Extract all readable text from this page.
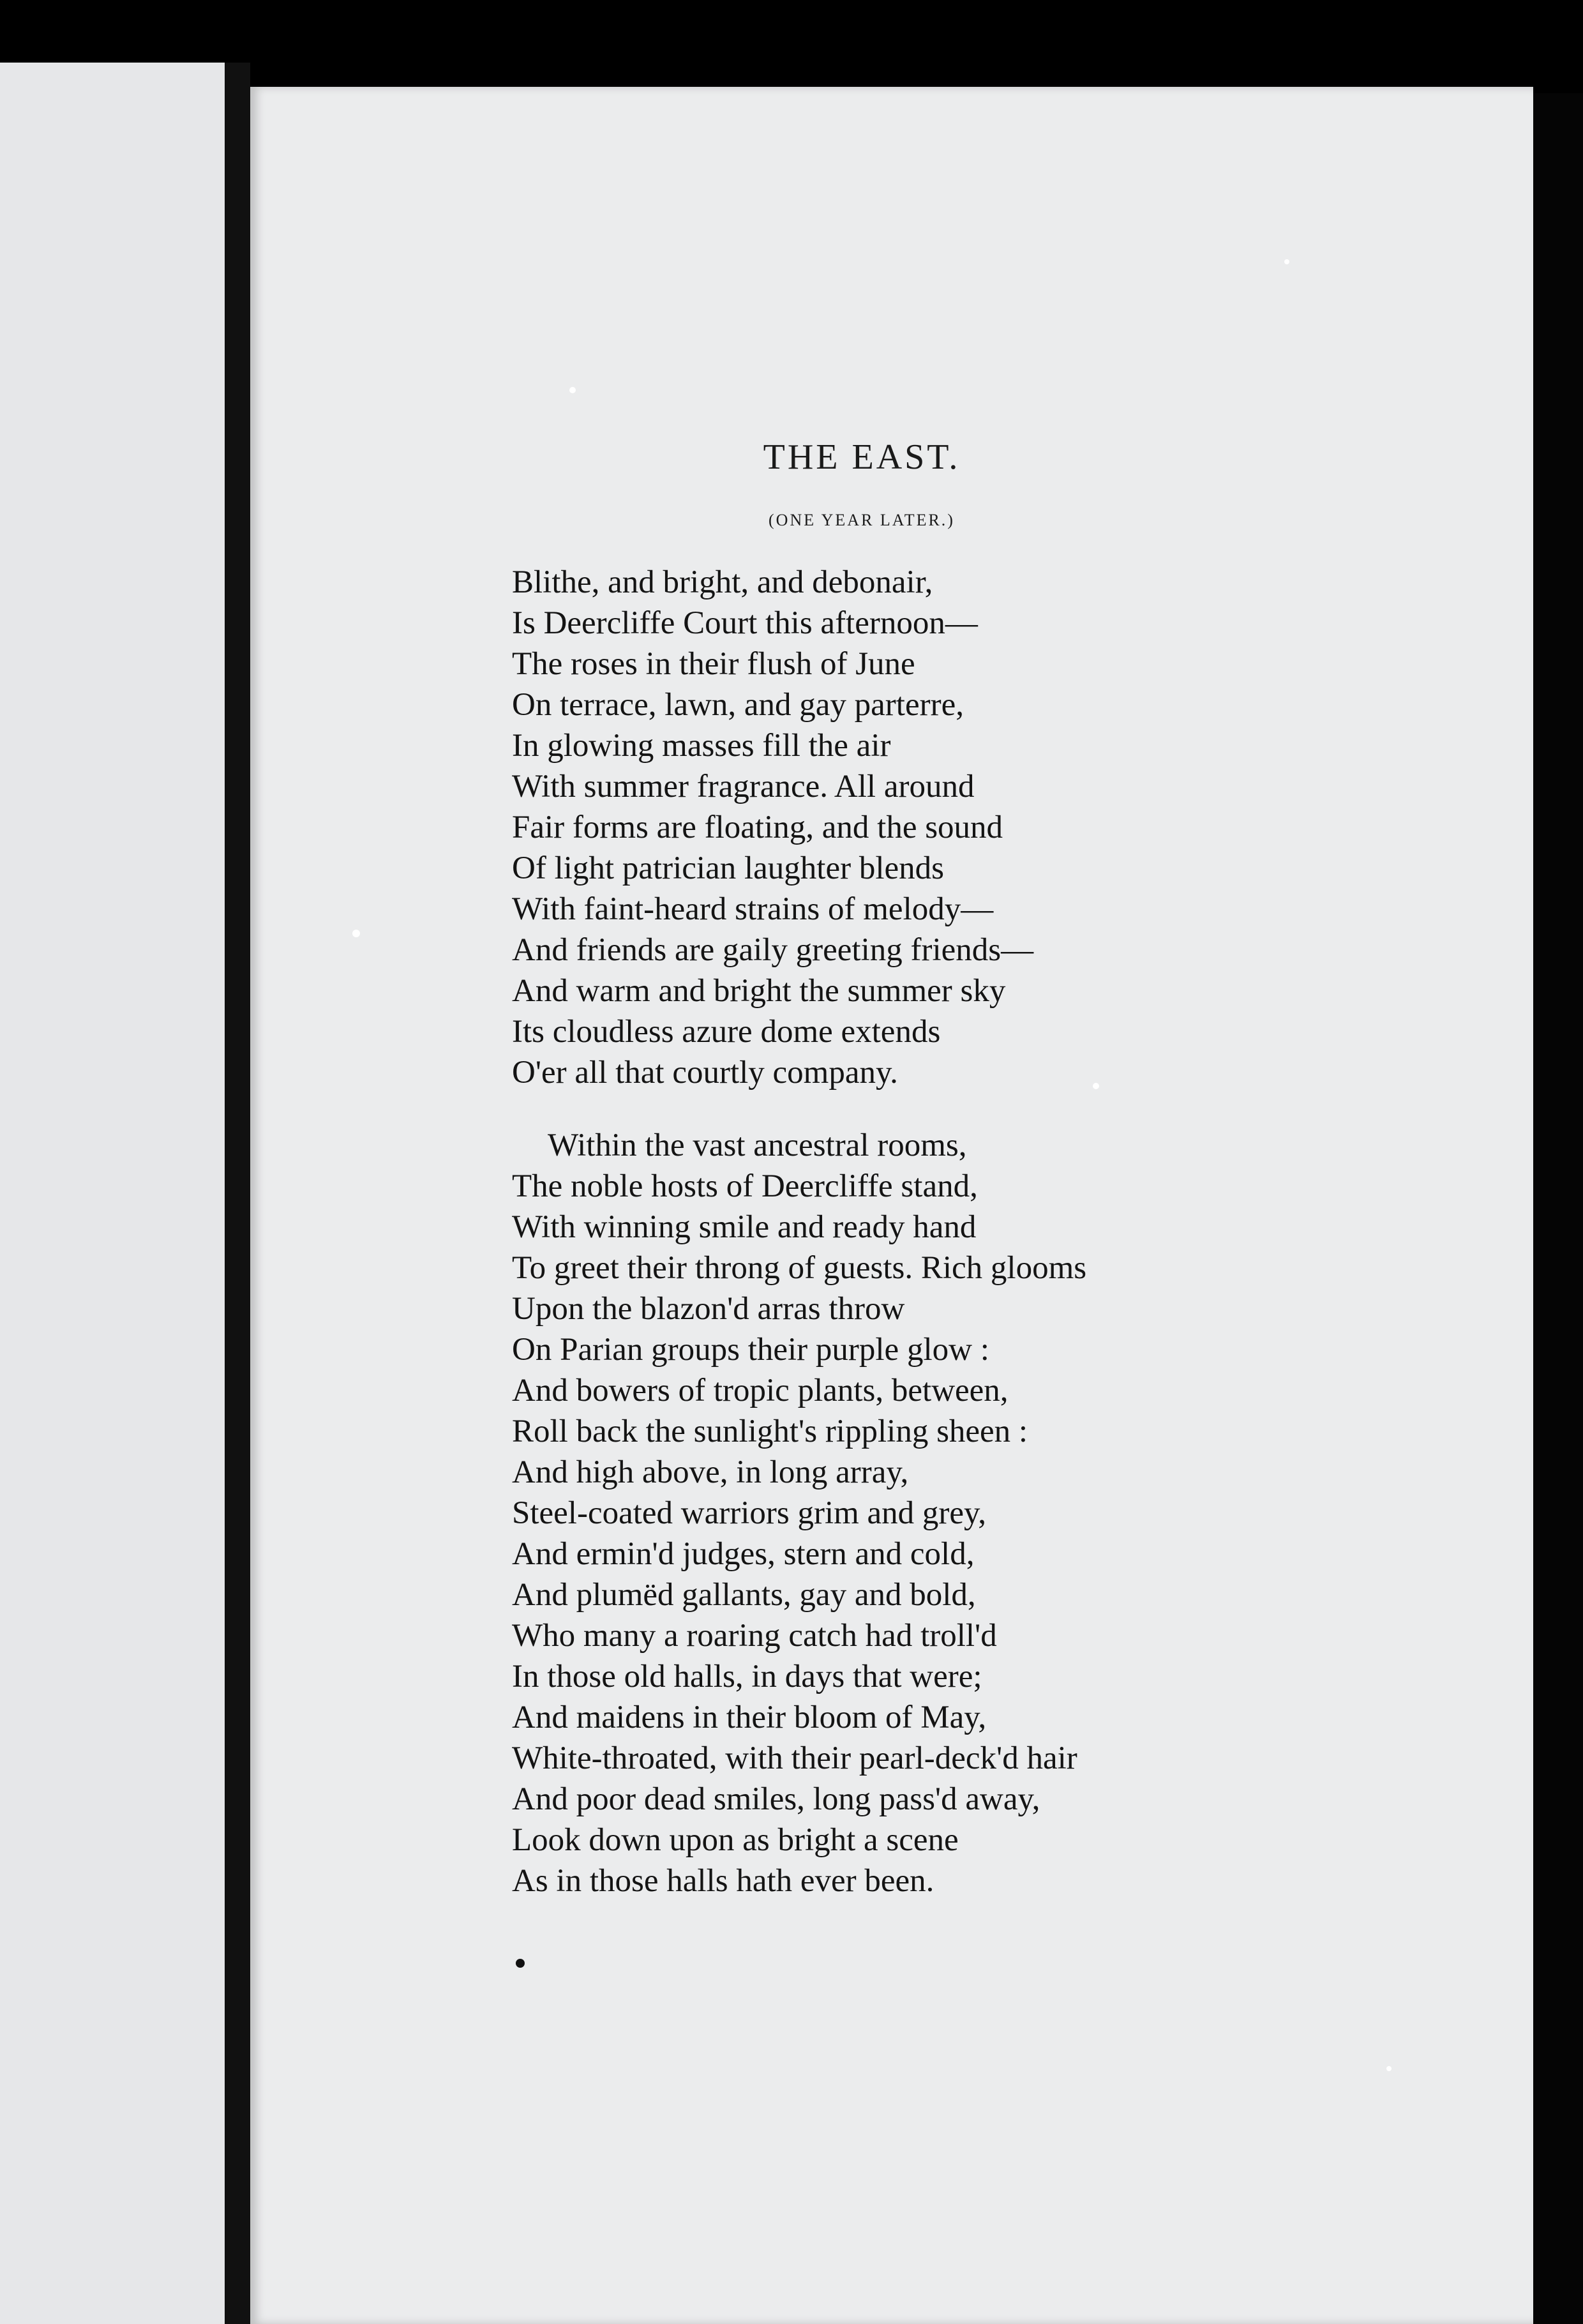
THE EAST.

(ONE YEAR LATER.)

Blithe, and bright, and debonair,
Is Deercliffe Court this afternoon—
The roses in their flush of June
On terrace, lawn, and gay parterre,
In glowing masses fill the air
With summer fragrance. All around
Fair forms are floating, and the sound
Of light patrician laughter blends
With faint-heard strains of melody—
And friends are gaily greeting friends—
And warm and bright the summer sky
Its cloudless azure dome extends
O'er all that courtly company.
Within the vast ancestral rooms,
The noble hosts of Deercliffe stand,
With winning smile and ready hand
To greet their throng of guests. Rich glooms
Upon the blazon'd arras throw
On Parian groups their purple glow :
And bowers of tropic plants, between,
Roll back the sunlight's rippling sheen :
And high above, in long array,
Steel-coated warriors grim and grey,
And ermin'd judges, stern and cold,
And plumëd gallants, gay and bold,
Who many a roaring catch had troll'd
In those old halls, in days that were;
And maidens in their bloom of May,
White-throated, with their pearl-deck'd hair
And poor dead smiles, long pass'd away,
Look down upon as bright a scene
As in those halls hath ever been.
